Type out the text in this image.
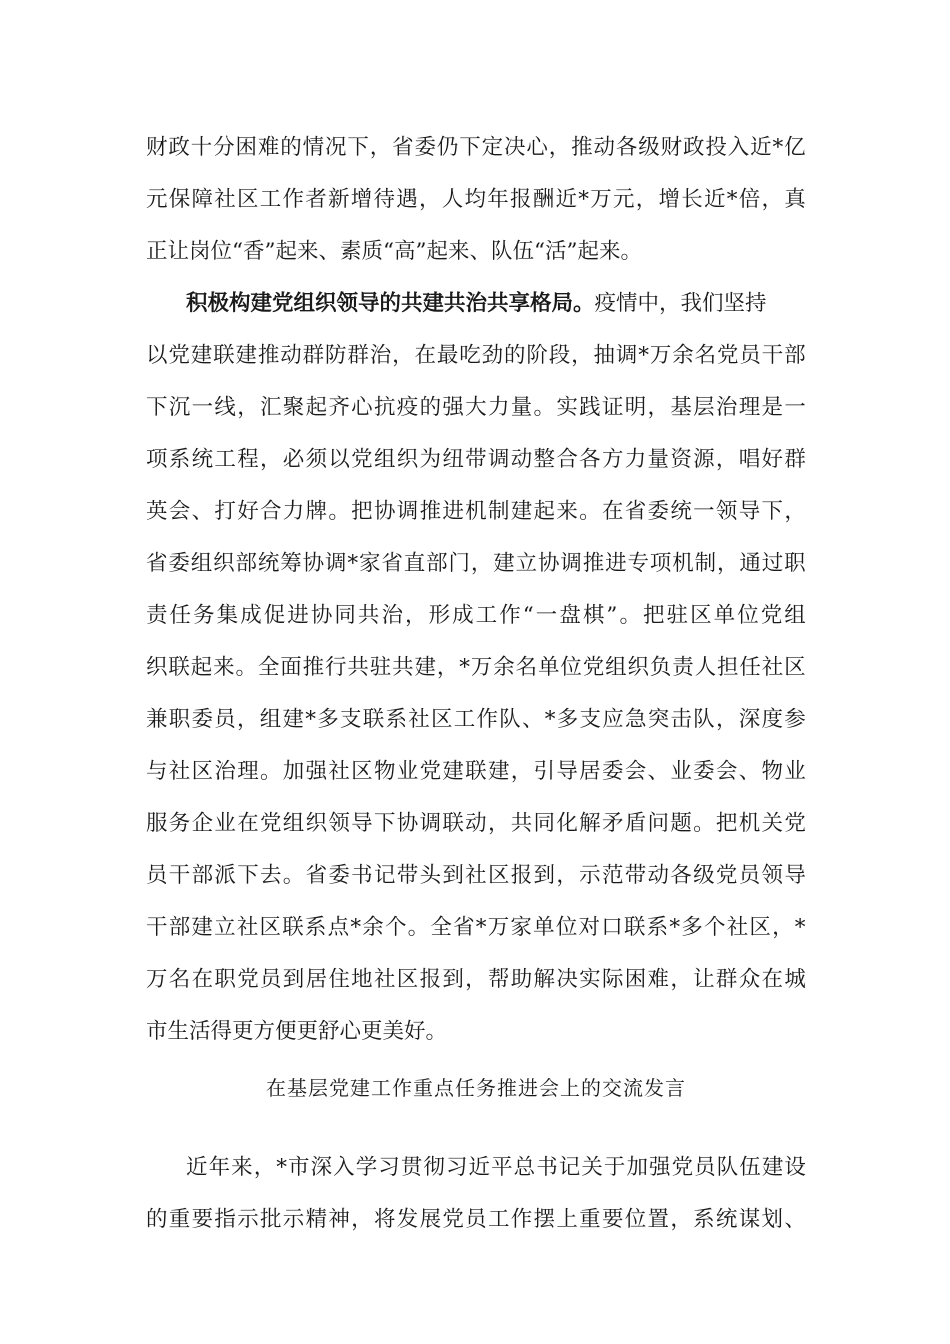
财 政 十 分 困 难 的 情 况 下 ， 省 委 仍 下 定 决 心 ， 推 动 各 级 财 政 投 入 近 * 亿
元 保 障 社 区 工 作 者 新 增 待 遇 ， 人 均 年 报 酬 近 * 万 元 ， 增 长 近 * 倍 ， 真
正让岗位“香”起来、素质“高”起来、队伍“活”起来。
积极构建党组织领导的共建共治共享格局。 疫情中，我们坚持
以 党 建 联 建 推 动 群 防 群 治 ， 在 最 吃 劲 的 阶 段 ， 抽 调 * 万 余 名 党 员 干 部
下 沉 一 线 ， 汇 聚 起 齐 心 抗 疫 的 强 大 力 量 。 实 践 证 明 ， 基 层 治 理 是 一
项 系 统 工 程 ， 必 须 以 党 组 织 为 纽 带 调 动 整 合 各 方 力 量 资 源 ， 唱 好 群
英 会 、 打 好 合 力 牌 。 把 协 调 推 进 机 制 建 起 来 。 在 省 委 统 一 领 导 下 ，
省 委 组 织 部 统 筹 协 调 * 家 省 直 部 门 ， 建 立 协 调 推 进 专 项 机 制 ， 通 过 职
责 任 务 集 成 促 进 协 同 共 治 ， 形 成 工 作 “ 一 盘 棋 ” 。 把 驻 区 单 位 党 组
织 联 起 来 。 全 面 推 行 共 驻 共 建 ， * 万 余 名 单 位 党 组 织 负 责 人 担 任 社 区
兼 职 委 员 ， 组 建 * 多 支 联 系 社 区 工 作 队 、 * 多 支 应 急 突 击 队 ， 深 度 参
与 社 区 治 理 。 加 强 社 区 物 业 党 建 联 建 ， 引 导 居 委 会 、 业 委 会 、 物 业
服 务 企 业 在 党 组 织 领 导 下 协 调 联 动 ， 共 同 化 解 矛 盾 问 题 。 把 机 关 党
员 干 部 派 下 去 。 省 委 书 记 带 头 到 社 区 报 到 ， 示 范 带 动 各 级 党 员 领 导
干 部 建 立 社 区 联 系 点 * 余 个 。 全 省 * 万 家 单 位 对 口 联 系 * 多 个 社 区 ， *
万 名 在 职 党 员 到 居 住 地 社 区 报 到 ， 帮 助 解 决 实 际 困 难 ， 让 群 众 在 城
市生活得更方便更舒心更美好。
在基层党建工作重点任务推进会上的交流发言
近 年 来 ， * 市 深 入 学 习 贯 彻 习 近 平 总 书 记 关 于 加 强 党 员 队 伍 建 设
的 重 要 指 示 批 示 精 神 ， 将 发 展 党 员 工 作 摆 上 重 要 位 置 ， 系 统 谋 划 、
